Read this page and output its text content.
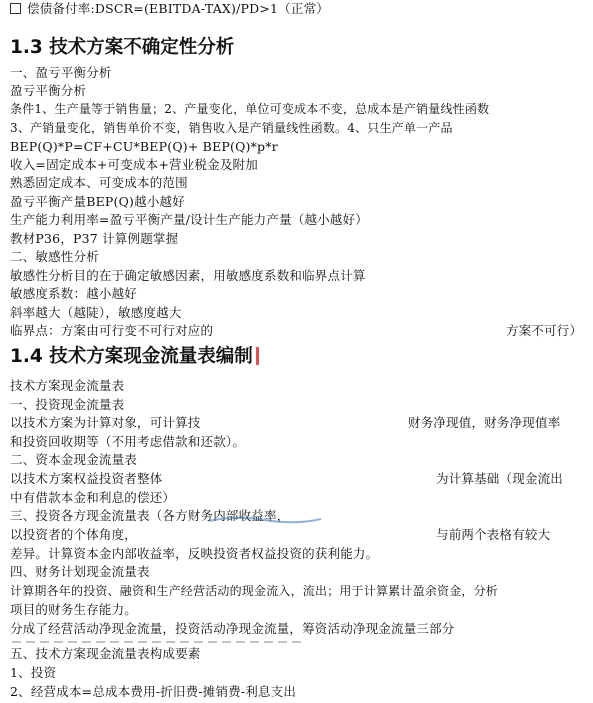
偿债备付率:DSCR=(EBITDA-TAX)/PD>1（正常）
1.3 技术方案不确定性分析
一、盈亏平衡分析
盈亏平衡分析
条件1、生产量等于销售量；2、产量变化，单位可变成本不变，总成本是产销量线性函数
3、产销量变化，销售单价不变，销售收入是产销量线性函数。4、只生产单一产品
BEP(Q)*P=CF+CU*BEP(Q)+ BEP(Q)*p*r
收入=固定成本+可变成本+营业税金及附加
熟悉固定成本、可变成本的范围
盈亏平衡产量BEP(Q)越小越好
生产能力利用率=盈亏平衡产量/设计生产能力产量（越小越好）
教材P36，P37 计算例题掌握
二、敏感性分析
敏感性分析目的在于确定敏感因素，用敏感度系数和临界点计算
敏感度系数：越小越好
斜率越大（越陡），敏感度越大
临界点：方案由可行变不可行对应的	方案不可行）
1.4 技术方案现金流量表编制
技术方案现金流量表
一、投资现金流量表
以技术方案为计算对象，可计算技	财务净现值，财务净现值率
和投资回收期等（不用考虑借款和还款）。
二、资本金现金流量表
以技术方案权益投资者整体	为计算基础（现金流出
中有借款本金和利息的偿还）
三、投资各方现金流量表（各方财务内部收益率，
以投资者的个体角度，	与前两个表格有较大
差异。计算资本金内部收益率，反映投资者权益投资的获利能力。
四、财务计划现金流量表
计算期各年的投资、融资和生产经营活动的现金流入，流出；用于计算累计盈余资金，分析
项目的财务生存能力。
分成了经营活动净现金流量，投资活动净现金流量，筹资活动净现金流量三部分
五、技术方案现金流量表构成要素
1、投资
2、经营成本=总成本费用-折旧费-摊销费-利息支出
